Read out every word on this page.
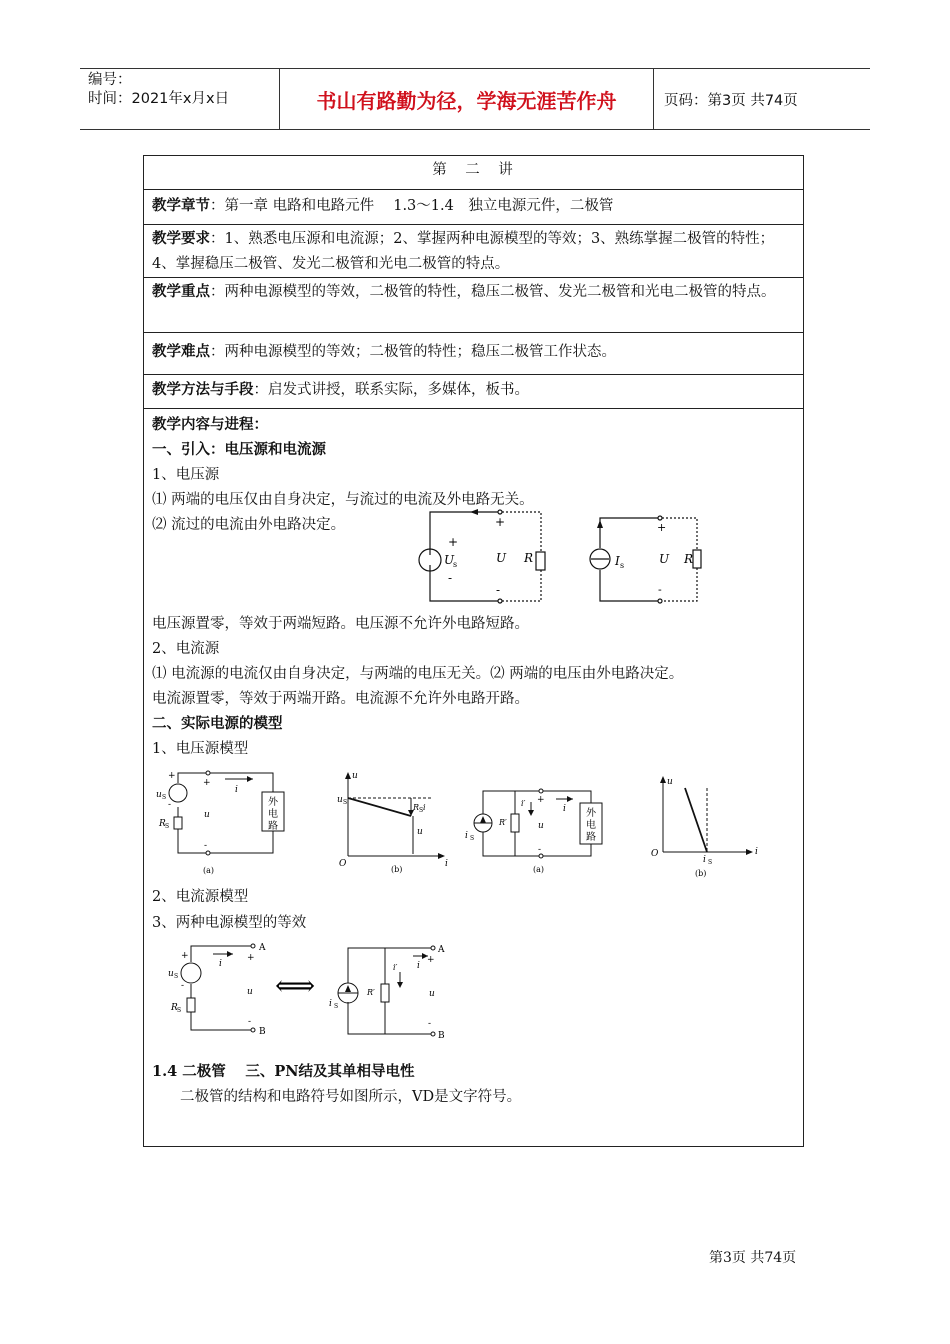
编号：
时间：2021年x月x日	书山有路勤为径，学海无涯苦作舟	页码：第3页 共74页
第　二　讲
教学章节：第一章 电路和电路元件　 1.3～1.4　独立电源元件，二极管
教学要求：1、熟悉电压源和电流源；2、掌握两种电源模型的等效；3、熟练掌握二极管的特性；4、掌握稳压二极管、发光二极管和光电二极管的特点。
教学重点：两种电源模型的等效，二极管的特性，稳压二极管、发光二极管和光电二极管的特点。
教学难点：两种电源模型的等效；二极管的特性；稳压二极管工作状态。
教学方法与手段：启发式讲授，联系实际，多媒体，板书。
教学内容与进程：
一、引入：电压源和电流源
1、电压源
⑴ 两端的电压仅由自身决定，与流过的电流及外电路无关。
⑵ 流过的电流由外电路决定。
电压源置零，等效于两端短路。电压源不允许外电路短路。
2、电流源
⑴ 电流源的电流仅由自身决定，与两端的电压无关。⑵ 两端的电压由外电路决定。
电流源置零，等效于两端开路。电流源不允许外电路开路。
二、实际电源的模型
1、电压源模型
2、电流源模型
3、两种电源模型的等效
1.4 二极管　 三、PN结及其单相导电性
二极管的结构和电路符号如图所示，VD是文字符号。
+
-
U
s
+
-
U R	I s
+
-
U R
+
-
u S
R S
+
-
u
i
外
电
路
(a)
u
u S
R S i
u
O	i
(b)
i S
R′
i′ +
-
u
i 外
电
路
(a)
u
O	i
i S
(b)
+
-
u S
R S
i
A
+
u
-
B
⟺
i S
R′
i′ i
A
+
u
-
B
第3页 共74页
